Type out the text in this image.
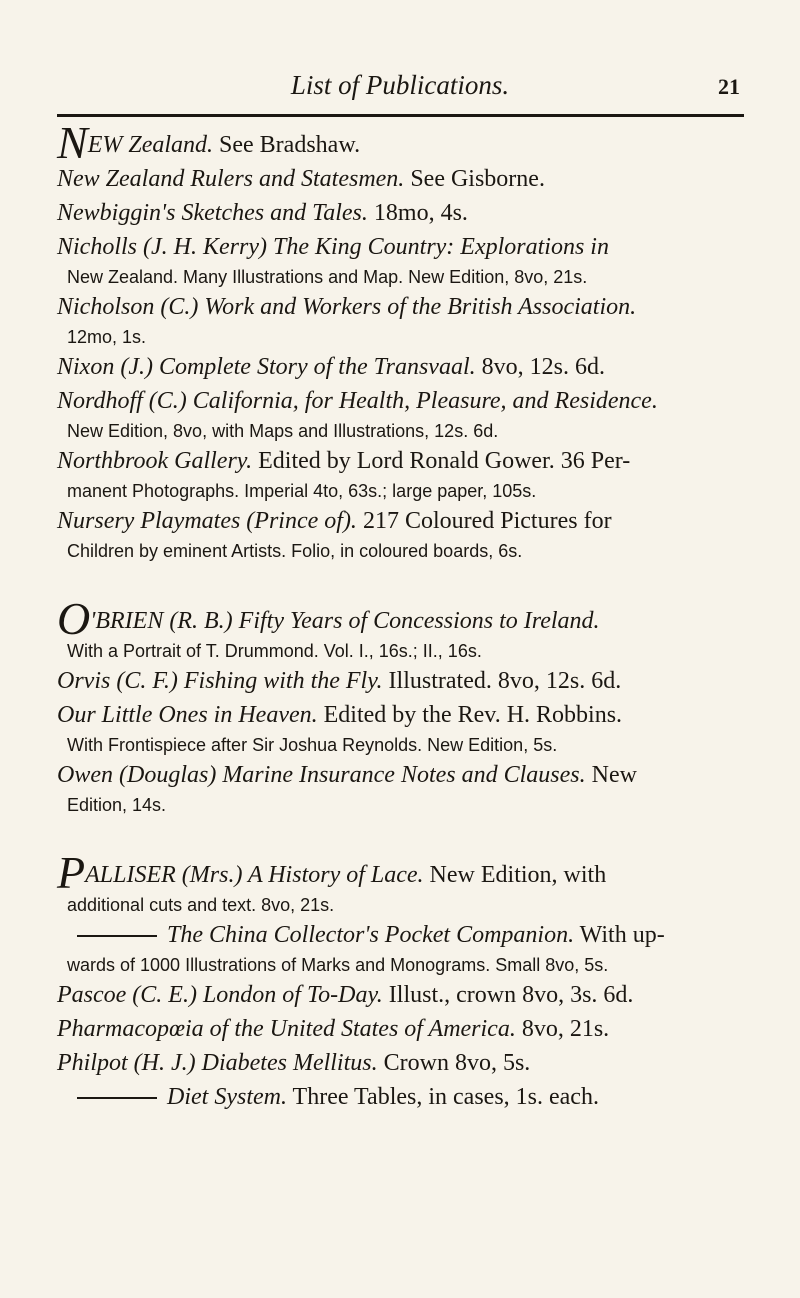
List of Publications.	21
NEW Zealand. See Bradshaw.
New Zealand Rulers and Statesmen. See Gisborne.
Newbiggin's Sketches and Tales. 18mo, 4s.
Nicholls (J. H. Kerry) The King Country: Explorations in
New Zealand. Many Illustrations and Map. New Edition, 8vo, 21s.
Nicholson (C.) Work and Workers of the British Association.
12mo, 1s.
Nixon (J.) Complete Story of the Transvaal. 8vo, 12s. 6d.
Nordhoff (C.) California, for Health, Pleasure, and Residence.
New Edition, 8vo, with Maps and Illustrations, 12s. 6d.
Northbrook Gallery. Edited by Lord Ronald Gower. 36 Per-
manent Photographs. Imperial 4to, 63s.; large paper, 105s.
Nursery Playmates (Prince of). 217 Coloured Pictures for
Children by eminent Artists. Folio, in coloured boards, 6s.
O'BRIEN (R. B.) Fifty Years of Concessions to Ireland.
With a Portrait of T. Drummond. Vol. I., 16s.; II., 16s.
Orvis (C. F.) Fishing with the Fly. Illustrated. 8vo, 12s. 6d.
Our Little Ones in Heaven. Edited by the Rev. H. Robbins.
With Frontispiece after Sir Joshua Reynolds. New Edition, 5s.
Owen (Douglas) Marine Insurance Notes and Clauses. New
Edition, 14s.
PALLISER (Mrs.) A History of Lace. New Edition, with
additional cuts and text. 8vo, 21s.
The China Collector's Pocket Companion. With up-
wards of 1000 Illustrations of Marks and Monograms. Small 8vo, 5s.
Pascoe (C. E.) London of To-Day. Illust., crown 8vo, 3s. 6d.
Pharmacopœia of the United States of America. 8vo, 21s.
Philpot (H. J.) Diabetes Mellitus. Crown 8vo, 5s.
Diet System. Three Tables, in cases, 1s. each.
